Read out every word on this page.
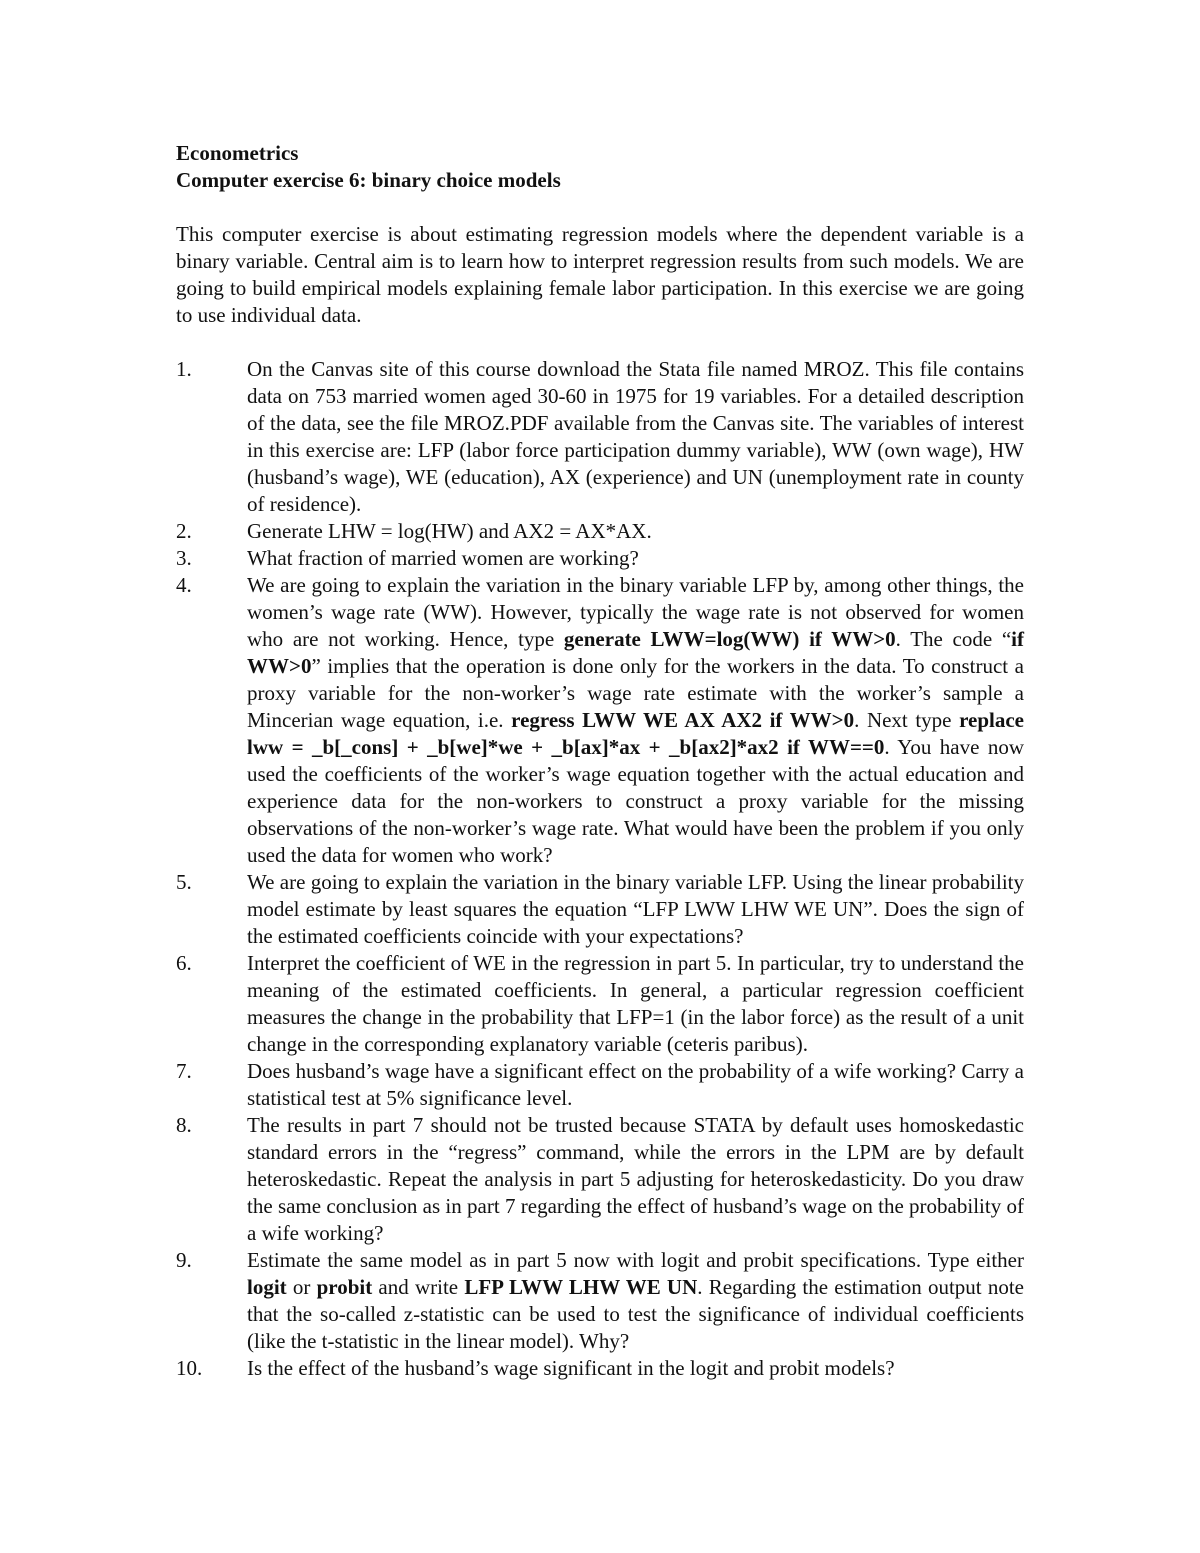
Econometrics

Computer exercise 6: binary choice models

This computer exercise is about estimating regression models where the dependent variable is a binary variable. Central aim is to learn how to interpret regression results from such models. We are going to build empirical models explaining female labor participation. In this exercise we are going to use individual data.

1.	On the Canvas site of this course download the Stata file named MROZ. This file contains data on 753 married women aged 30-60 in 1975 for 19 variables. For a detailed description of the data, see the file MROZ.PDF available from the Canvas site. The variables of interest in this exercise are: LFP (labor force participation dummy variable), WW (own wage), HW (husband’s wage), WE (education), AX (experience) and UN (unemployment rate in county of residence).

2.	Generate LHW = log(HW) and AX2 = AX*AX.

3.	What fraction of married women are working?

4.	We are going to explain the variation in the binary variable LFP by, among other things, the women’s wage rate (WW). However, typically the wage rate is not observed for women who are not working. Hence, type generate LWW=log(WW) if WW>0. The code “if WW>0” implies that the operation is done only for the workers in the data. To construct a proxy variable for the non-worker’s wage rate estimate with the worker’s sample a Mincerian wage equation, i.e. regress LWW WE AX AX2 if WW>0. Next type replace lww = _b[_cons] + _b[we]*we + _b[ax]*ax + _b[ax2]*ax2 if WW==0. You have now used the coefficients of the worker’s wage equation together with the actual education and experience data for the non-workers to construct a proxy variable for the missing observations of the non-worker’s wage rate. What would have been the problem if you only used the data for women who work?

5.	We are going to explain the variation in the binary variable LFP. Using the linear probability model estimate by least squares the equation “LFP LWW LHW WE UN”. Does the sign of the estimated coefficients coincide with your expectations?

6.	Interpret the coefficient of WE in the regression in part 5. In particular, try to understand the meaning of the estimated coefficients. In general, a particular regression coefficient measures the change in the probability that LFP=1 (in the labor force) as the result of a unit change in the corresponding explanatory variable (ceteris paribus).

7.	Does husband’s wage have a significant effect on the probability of a wife working? Carry a statistical test at 5% significance level.

8.	The results in part 7 should not be trusted because STATA by default uses homoskedastic standard errors in the “regress” command, while the errors in the LPM are by default heteroskedastic. Repeat the analysis in part 5 adjusting for heteroskedasticity. Do you draw the same conclusion as in part 7 regarding the effect of husband’s wage on the probability of a wife working?

9.	Estimate the same model as in part 5 now with logit and probit specifications. Type either logit or probit and write LFP LWW LHW WE UN. Regarding the estimation output note that the so-called z-statistic can be used to test the significance of individual coefficients (like the t-statistic in the linear model). Why?

10. Is the effect of the husband’s wage significant in the logit and probit models?
